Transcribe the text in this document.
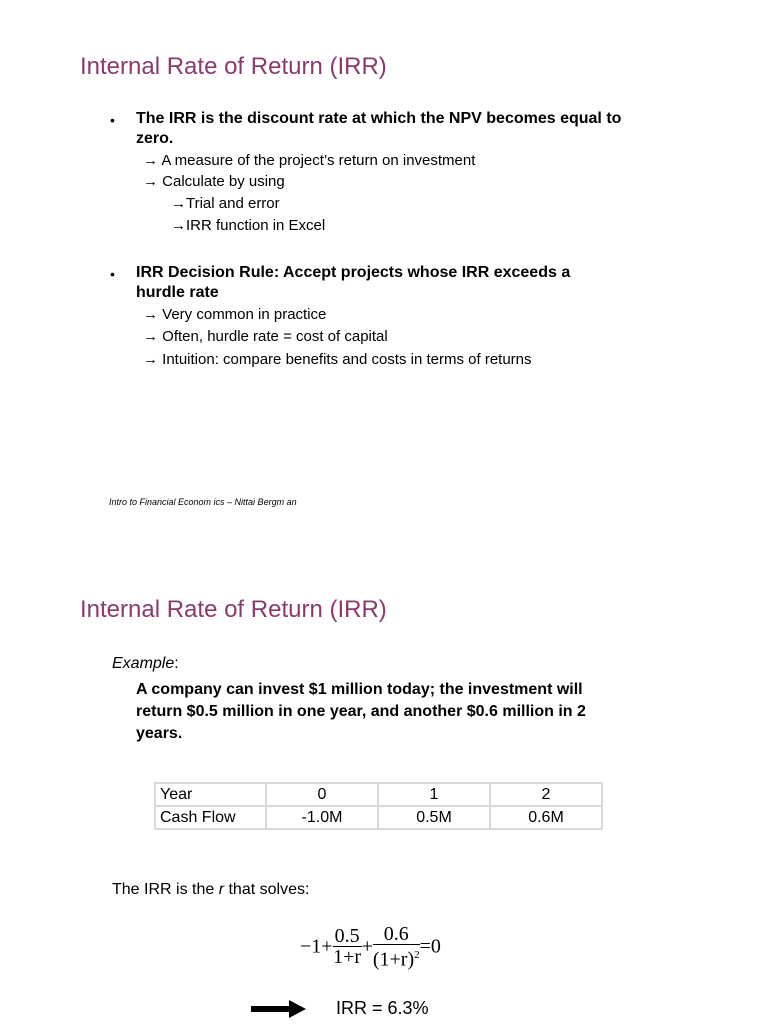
Internal Rate of Return (IRR)
• The IRR is the discount rate at which the NPV becomes equal to
zero.
→ A measure of the project’s return on investment
→ Calculate by using
→Trial and error
→IRR function in Excel
• IRR Decision Rule: Accept projects whose IRR exceeds a
hurdle rate
→ Very common in practice
→ Often, hurdle rate = cost of capital
→ Intuition: compare benefits and costs in terms of returns
Intro to Financial Econom ics – Nittai Bergm an
Internal Rate of Return (IRR)
Example:
A company can invest $1 million today; the investment will
return $0.5 million in one year, and another $0.6 million in 2
years.
Year	0	1	2
Cash Flow	-1.0M	0.5M	0.6M
The IRR is the r that solves:
$-1+ \frac{0.5}{1+r} + \frac{0.6}{(1+r)^2} =0$
IRR = 6.3%
